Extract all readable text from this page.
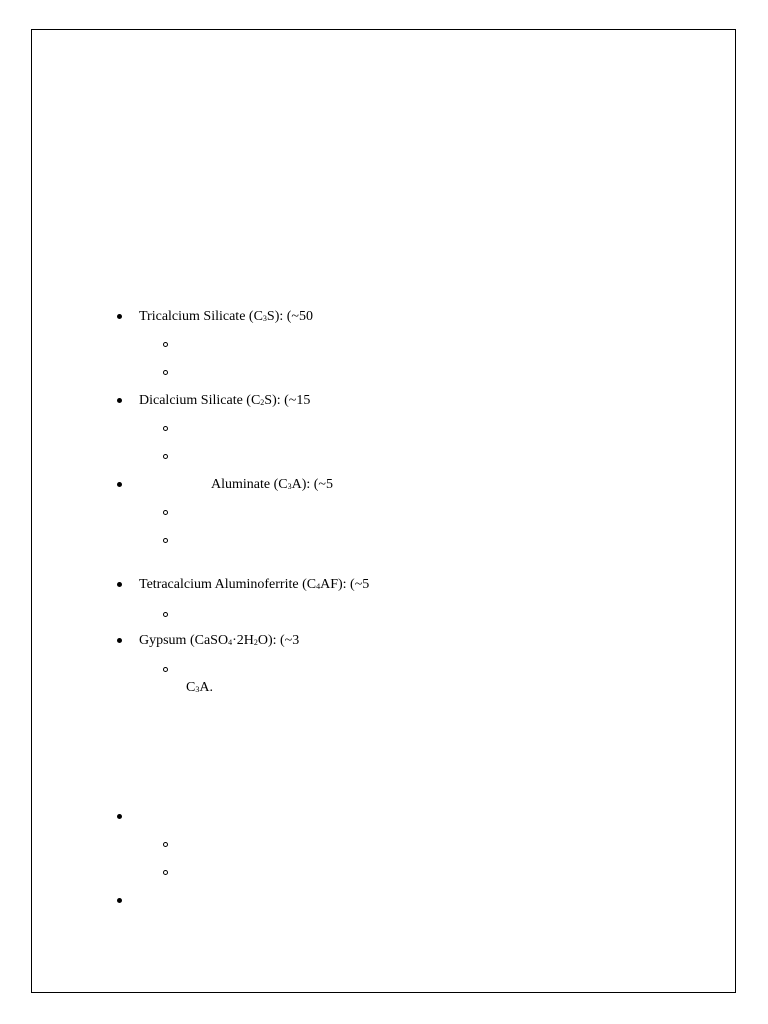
Tricalcium Silicate $(C_3S)$: (~50
Dicalcium Silicate $(C_2S)$: (~15
Aluminate $(C_3A)$: (~5
Tetracalcium Aluminoferrite $(C_4AF)$: (~5
Gypsum $(CaSO_4\cdot 2H_2O)$: (~3
$C_3A$.
